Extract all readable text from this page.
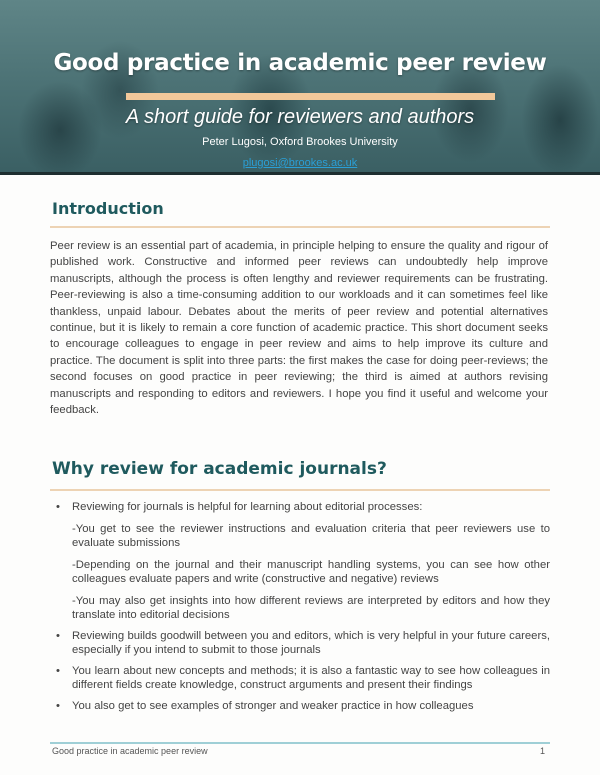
Good practice in academic peer review
A short guide for reviewers and authors
Peter Lugosi, Oxford Brookes University
plugosi@brookes.ac.uk
Introduction
Peer review is an essential part of academia, in principle helping to ensure the quality and rigour of published work. Constructive and informed peer reviews can undoubtedly help improve manuscripts, although the process is often lengthy and reviewer requirements can be frustrating. Peer-reviewing is also a time-consuming addition to our workloads and it can sometimes feel like thankless, unpaid labour. Debates about the merits of peer review and potential alternatives continue, but it is likely to remain a core function of academic practice. This short document seeks to encourage colleagues to engage in peer review and aims to help improve its culture and practice. The document is split into three parts: the first makes the case for doing peer-reviews; the second focuses on good practice in peer reviewing; the third is aimed at authors revising manuscripts and responding to editors and reviewers. I hope you find it useful and welcome your feedback.
Why review for academic journals?
• Reviewing for journals is helpful for learning about editorial processes:
-You get to see the reviewer instructions and evaluation criteria that peer reviewers use to evaluate submissions
-Depending on the journal and their manuscript handling systems, you can see how other colleagues evaluate papers and write (constructive and negative) reviews
-You may also get insights into how different reviews are interpreted by editors and how they translate into editorial decisions
• Reviewing builds goodwill between you and editors, which is very helpful in your future careers, especially if you intend to submit to those journals
• You learn about new concepts and methods; it is also a fantastic way to see how colleagues in different fields create knowledge, construct arguments and present their findings
• You also get to see examples of stronger and weaker practice in how colleagues
Good practice in academic peer review	1
